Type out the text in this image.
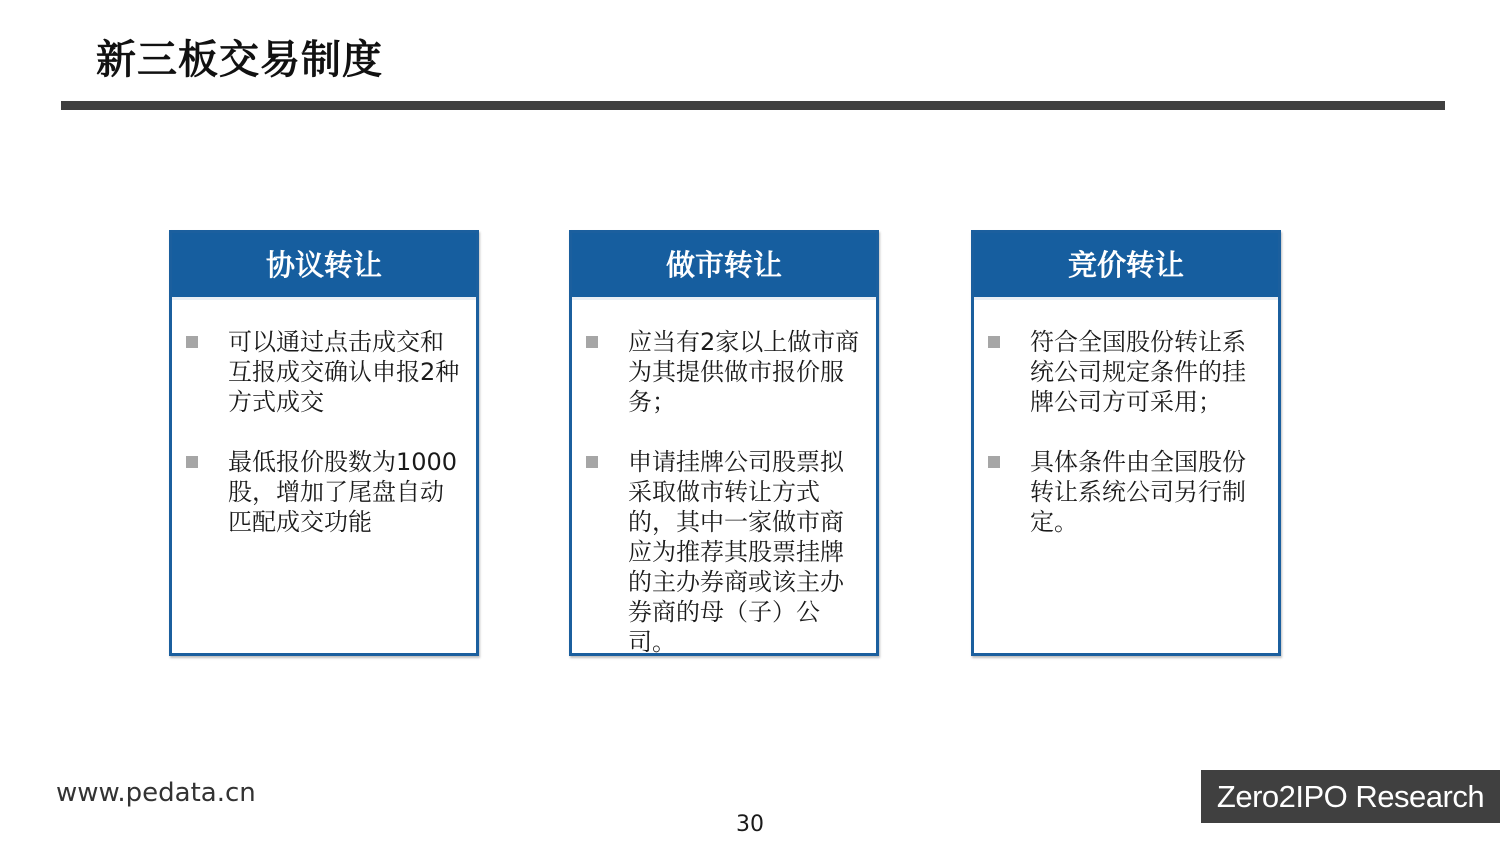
新三板交易制度
协议转让
可以通过点击成交和互报成交确认申报2种方式成交
最低报价股数为1000股，增加了尾盘自动匹配成交功能
做市转让
应当有2家以上做市商为其提供做市报价服务；
申请挂牌公司股票拟采取做市转让方式的，其中一家做市商应为推荐其股票挂牌的主办券商或该主办券商的母（子）公司。
竞价转让
符合全国股份转让系统公司规定条件的挂牌公司方可采用；
具体条件由全国股份转让系统公司另行制定。
www.pedata.cn
30
Zero2IPO Research
